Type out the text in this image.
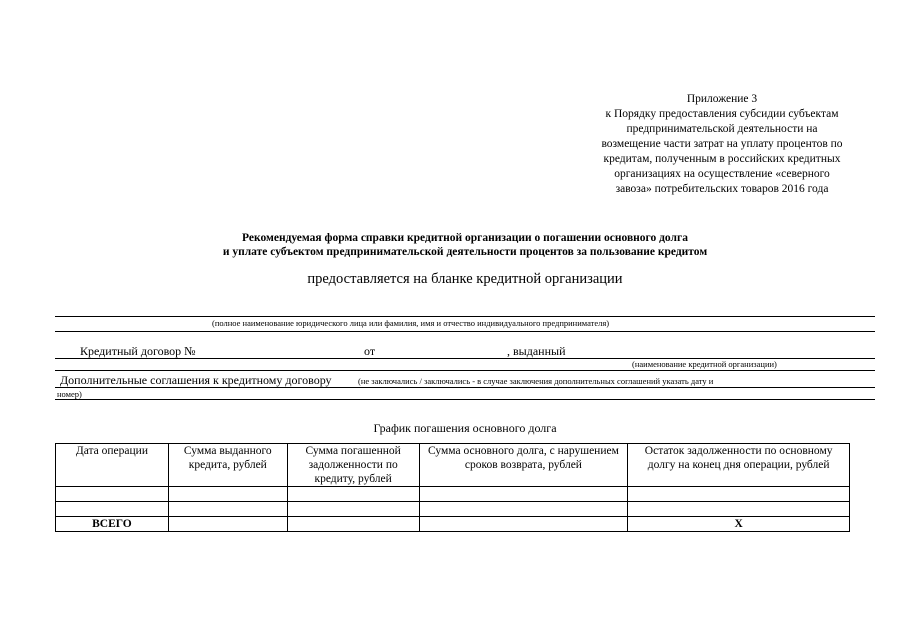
Приложение 3
к Порядку предоставления субсидии субъектам
предпринимательской деятельности на
возмещение части затрат на уплату процентов по
кредитам, полученным в российских кредитных
организациях на осуществление «северного
завоза» потребительских товаров 2016 года
Рекомендуемая форма справки кредитной организации о погашении основного долга
и уплате субъектом предпринимательской деятельности процентов за пользование кредитом
предоставляется на бланке кредитной организации
(полное наименование юридического лица или фамилия, имя и отчество индивидуального предпринимателя)
Кредитный договор №	от	, выданный
(наименование кредитной организации)
Дополнительные соглашения к кредитному договору	(не заключались / заключались - в случае заключения дополнительных соглашений указать дату и
номер)
График погашения основного долга
Дата операции	Сумма выданного кредита, рублей	Сумма погашенной задолженности по кредиту, рублей	Сумма основного долга, с нарушением сроков возврата, рублей	Остаток задолженности по основному долгу на конец дня операции, рублей

ВСЕГО				Х
